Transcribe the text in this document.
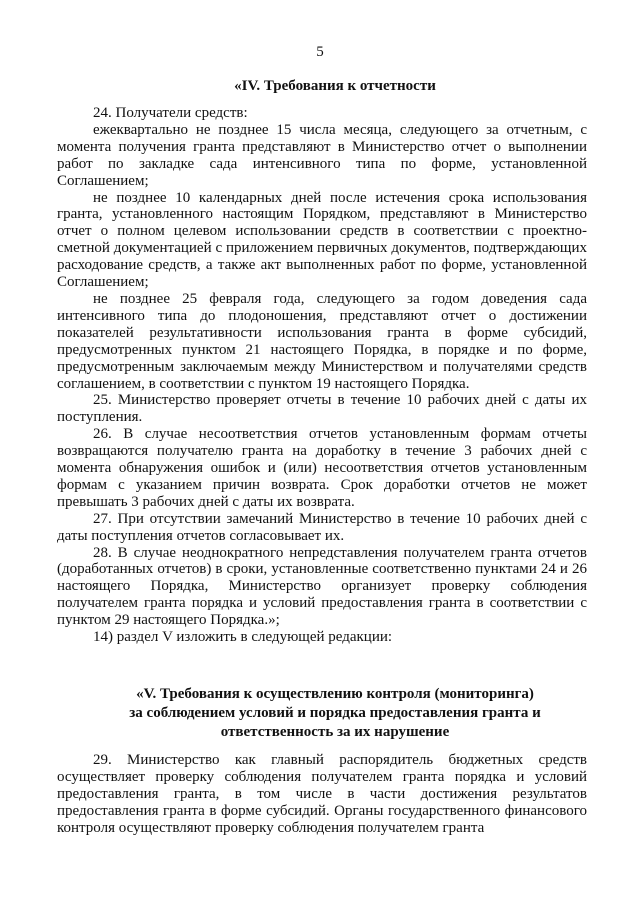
5
«IV. Требования к отчетности

24. Получатели средств:

ежеквартально не позднее 15 числа месяца, следующего за отчетным, с момента получения гранта представляют в Министерство отчет о выполнении работ по закладке сада интенсивного типа по форме, установленной Соглашением;

не позднее 10 календарных дней после истечения срока использования гранта, установленного настоящим Порядком, представляют в Министерство отчет о полном целевом использовании средств в соответствии с проектно-сметной документацией с приложением первичных документов, подтверждающих расходование средств, а также акт выполненных работ по форме, установленной Соглашением;

не позднее 25 февраля года, следующего за годом доведения сада интенсивного типа до плодоношения, представляют отчет о достижении показателей результативности использования гранта в форме субсидий, предусмотренных пунктом 21 настоящего Порядка, в порядке и по форме, предусмотренным заключаемым между Министерством и получателями средств соглашением, в соответствии с пунктом 19 настоящего Порядка.

25. Министерство проверяет отчеты в течение 10 рабочих дней с даты их поступления.

26. В случае несоответствия отчетов установленным формам отчеты возвращаются получателю гранта на доработку в течение 3 рабочих дней с момента обнаружения ошибок и (или) несоответствия отчетов установленным формам с указанием причин возврата. Срок доработки отчетов не может превышать 3 рабочих дней с даты их возврата.

27. При отсутствии замечаний Министерство в течение 10 рабочих дней с даты поступления отчетов согласовывает их.

28. В случае неоднократного непредставления получателем гранта отчетов (доработанных отчетов) в сроки, установленные соответственно пунктами 24 и 26 настоящего Порядка, Министерство организует проверку соблюдения получателем гранта порядка и условий предоставления гранта в соответствии с пунктом 29 настоящего Порядка.»;

14) раздел V изложить в следующей редакции:

«V. Требования к осуществлению контроля (мониторинга)
за соблюдением условий и порядка предоставления гранта и
ответственность за их нарушение

29. Министерство как главный распорядитель бюджетных средств осуществляет проверку соблюдения получателем гранта порядка и условий предоставления гранта, в том числе в части достижения результатов предоставления гранта в форме субсидий. Органы государственного финансового контроля осуществляют проверку соблюдения получателем гранта
